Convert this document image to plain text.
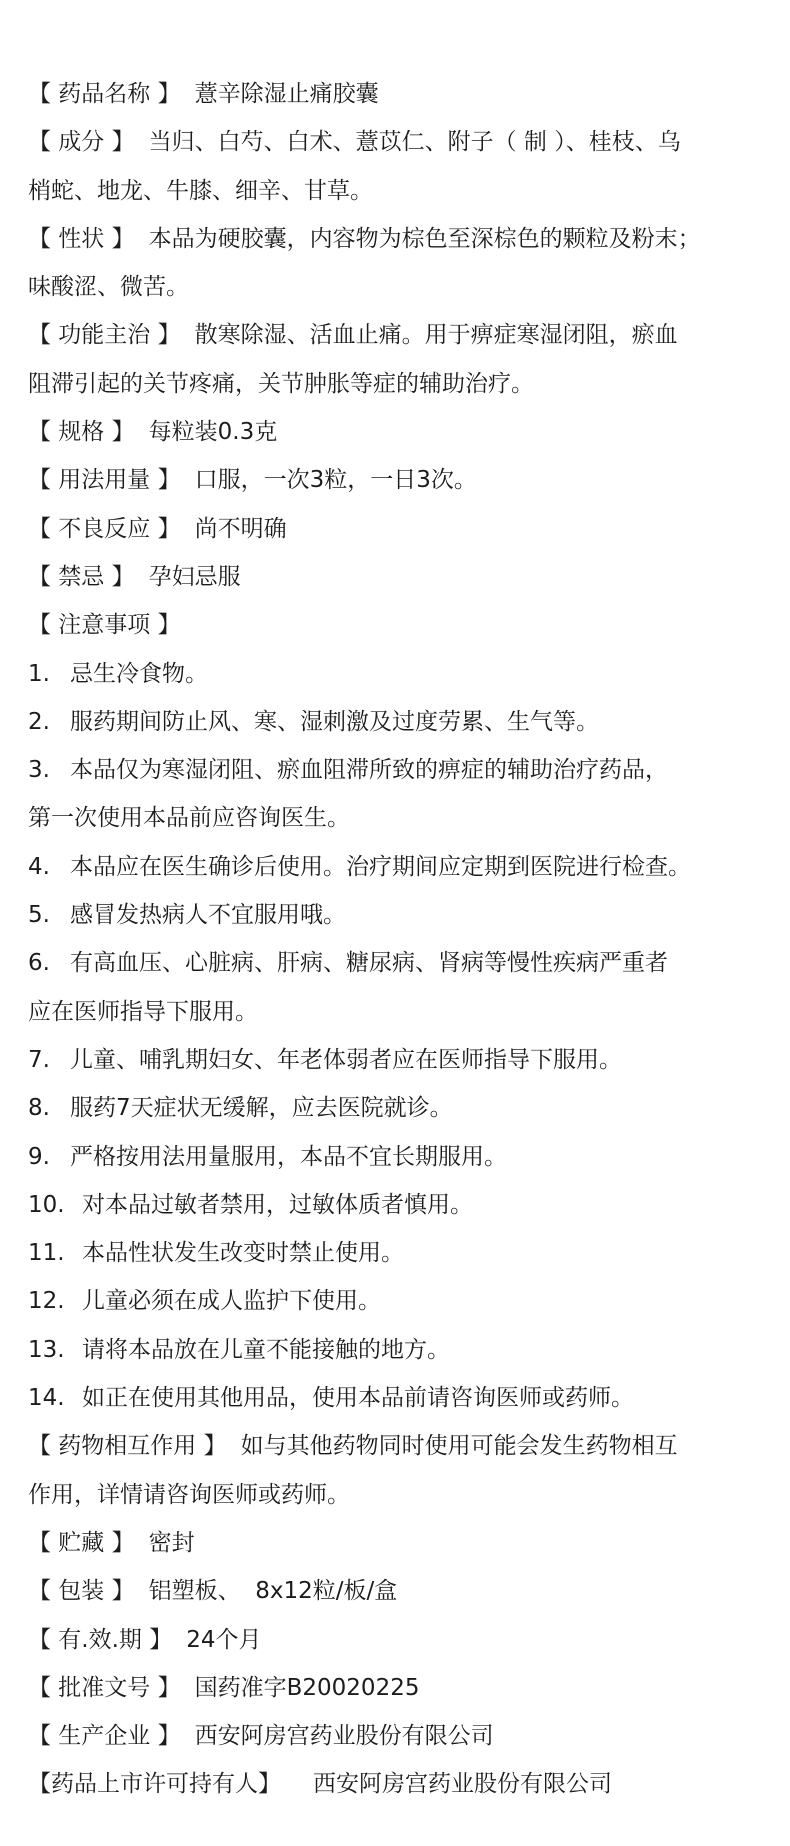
【 药品名称 】 薏辛除湿止痛胶囊
【 成分 】 当归、白芍、白术、薏苡仁、附子（ 制 ）、桂枝、乌
梢蛇、地龙、牛膝、细辛、甘草。
【 性状 】 本品为硬胶囊，内容物为棕色至深棕色的颗粒及粉末；
味酸涩、微苦。
【 功能主治 】 散寒除湿、活血止痛。用于痹症寒湿闭阻，瘀血
阻滞引起的关节疼痛，关节肿胀等症的辅助治疗。
【 规格 】 每粒装0.3克
【 用法用量 】 口服，一次3粒，一日3次。
【 不良反应 】 尚不明确
【 禁忌 】 孕妇忌服
【 注意事项 】
1. 忌生冷食物。
2. 服药期间防止风、寒、湿刺激及过度劳累、生气等。
3. 本品仅为寒湿闭阻、瘀血阻滞所致的痹症的辅助治疗药品，
第一次使用本品前应咨询医生。
4. 本品应在医生确诊后使用。治疗期间应定期到医院进行检查。
5. 感冒发热病人不宜服用哦。
6. 有高血压、心脏病、肝病、糖尿病、肾病等慢性疾病严重者
应在医师指导下服用。
7. 儿童、哺乳期妇女、年老体弱者应在医师指导下服用。
8. 服药7天症状无缓解，应去医院就诊。
9. 严格按用法用量服用，本品不宜长期服用。
10. 对本品过敏者禁用，过敏体质者慎用。
11. 本品性状发生改变时禁止使用。
12. 儿童必须在成人监护下使用。
13. 请将本品放在儿童不能接触的地方。
14. 如正在使用其他用品，使用本品前请咨询医师或药师。
【 药物相互作用 】 如与其他药物同时使用可能会发生药物相互
作用，详情请咨询医师或药师。
【 贮藏 】 密封
【 包装 】 铝塑板、  8x12粒/板/盒
【 有.效.期 】 24个月
【 批准文号 】 国药准字B20020225
【 生产企业 】 西安阿房宫药业股份有限公司
【药品上市许可持有人】 西安阿房宫药业股份有限公司
